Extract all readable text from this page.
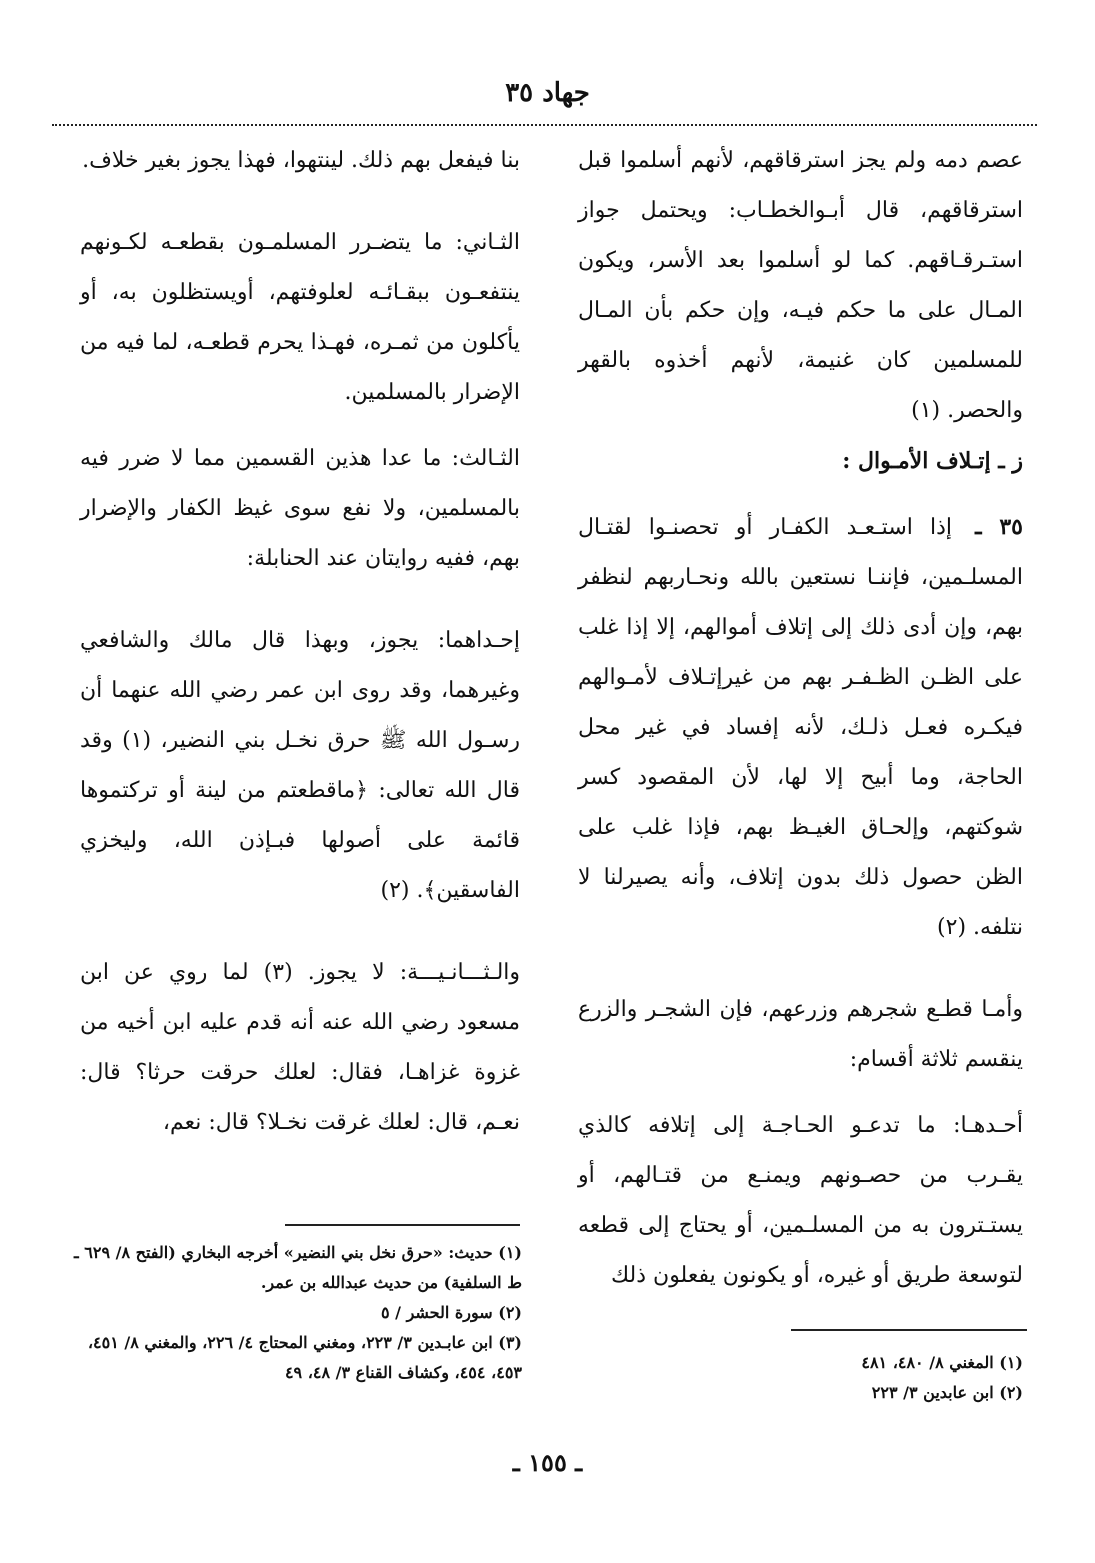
جهاد ٣٥

عصم دمه ولم يجز استرقاقهم، لأنهم أسلموا قبل استرقاقهم، قال أبـوالخطـاب: ويحتمل جواز استـرقـاقهم. كما لو أسلموا بعد الأسر، ويكون المـال على ما حكم فيـه، وإن حكم بأن المـال للمسلمين كان غنيمة، لأنهم أخذوه بالقهر والحصر. (١)

ز ـ إتـلاف الأمـوال :

٣٥ ـ إذا استـعـد الكفـار أو تحصنـوا لقتـال المسلـمين، فإننـا نستعين بالله ونحـاربهم لنظفر بهم، وإن أدى ذلك إلى إتلاف أموالهم، إلا إذا غلب على الظـن الظـفـر بهم من غيرإتـلاف لأمـوالهم فيكـره فعـل ذلـك، لأنه إفساد في غير محل الحاجة، وما أبيح إلا لها، لأن المقصود كسر شوكتهم، وإلحـاق الغيـظ بهم، فإذا غلب على الظن حصول ذلك بدون إتلاف، وأنه يصيرلنا لا نتلفه. (٢)

وأمـا قطـع شجرهم وزرعهم، فإن الشجـر والزرع ينقسم ثلاثة أقسام:

أحـدهـا: ما تدعـو الحـاجـة إلى إتلافه كالذي يقـرب من حصـونهم ويمنـع من قتـالهم، أو يستـترون به من المسلـمين، أو يحتاج إلى قطعه لتوسعة طريق أو غيره، أو يكونون يفعلون ذلك

بنا فيفعل بهم ذلك. لينتهوا، فهذا يجوز بغير خلاف.

الثـاني: ما يتضـرر المسلمـون بقطعـه لكـونهم ينتفعـون ببقـائـه لعلوفتهم، أويستظلون به، أو يأكلون من ثمـره، فهـذا يحرم قطعـه، لما فيه من الإضرار بالمسلمين.

الثـالث: ما عدا هذين القسمين مما لا ضرر فيه بالمسلمين، ولا نفع سوى غيظ الكفار والإضرار بهم، ففيه روايتان عند الحنابلة:

إحـداهما: يجوز، وبهذا قال مالك والشافعي وغيرهما، وقد روى ابن عمر رضي الله عنهما أن رسـول الله ﷺ حرق نخـل بني النضير، (١) وقد قال الله تعالى: ﴿ماقطعتم من لينة أو تركتموها قائمة على أصولها فبـإذن الله، وليخزي الفاسقين﴾. (٢)

والـثـــانـيـــة: لا يجوز. (٣) لما روي عن ابن مسعود رضي الله عنه أنه قدم عليه ابن أخيه من غزوة غزاهـا، فقال: لعلك حرقت حرثا؟ قال: نعـم، قال: لعلك غرقت نخـلا؟ قال: نعم،

(١) المغني ٨/ ٤٨٠، ٤٨١

(٢) ابن عابدين ٣/ ٢٢٣

(١) حديث: «حرق نخل بني النضير» أخرجه البخاري (الفتح ٨/ ٦٢٩ ـ ط السلفية) من حديث عبدالله بن عمر.

(٢) سورة الحشر / ٥

(٣) ابن عابـدين ٣/ ٢٢٣، ومغني المحتاج ٤/ ٢٢٦، والمغني ٨/ ٤٥١، ٤٥٣، ٤٥٤، وكشاف القناع ٣/ ٤٨، ٤٩

ـ ١٥٥ ـ
